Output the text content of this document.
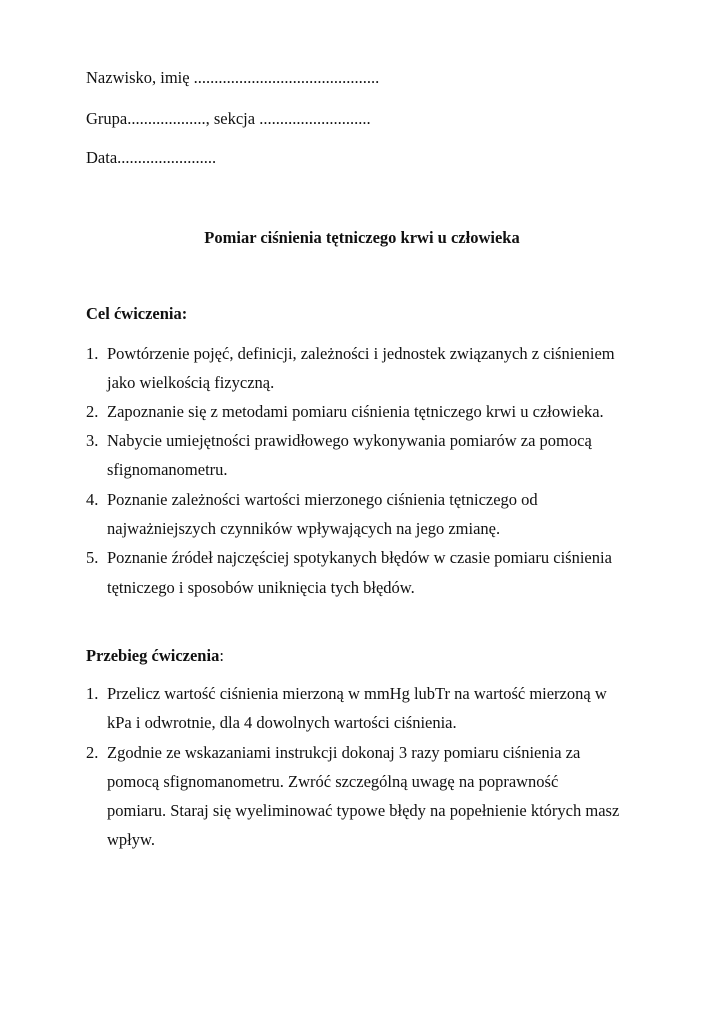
Nazwisko, imię .............................................
Grupa..................., sekcja ...........................
Data........................
Pomiar ciśnienia tętniczego krwi u człowieka
Cel ćwiczenia:
1. Powtórzenie pojęć, definicji, zależności i jednostek związanych z ciśnieniem
jako wielkością fizyczną.
2. Zapoznanie się z metodami pomiaru ciśnienia tętniczego krwi u człowieka.
3. Nabycie umiejętności prawidłowego wykonywania pomiarów za pomocą
sfignomanometru.
4. Poznanie zależności wartości mierzonego ciśnienia tętniczego od
najważniejszych czynników wpływających na jego zmianę.
5. Poznanie źródeł najczęściej spotykanych błędów w czasie pomiaru ciśnienia
tętniczego i sposobów uniknięcia tych błędów.
Przebieg ćwiczenia:
1. Przelicz wartość ciśnienia mierzoną w mmHg lubTr na wartość mierzoną w
kPa i odwrotnie, dla 4 dowolnych wartości ciśnienia.
2. Zgodnie ze wskazaniami instrukcji dokonaj 3 razy pomiaru ciśnienia za
pomocą sfignomanometru. Zwróć szczególną uwagę na poprawność
pomiaru. Staraj się wyeliminować typowe błędy na popełnienie których masz
wpływ.
